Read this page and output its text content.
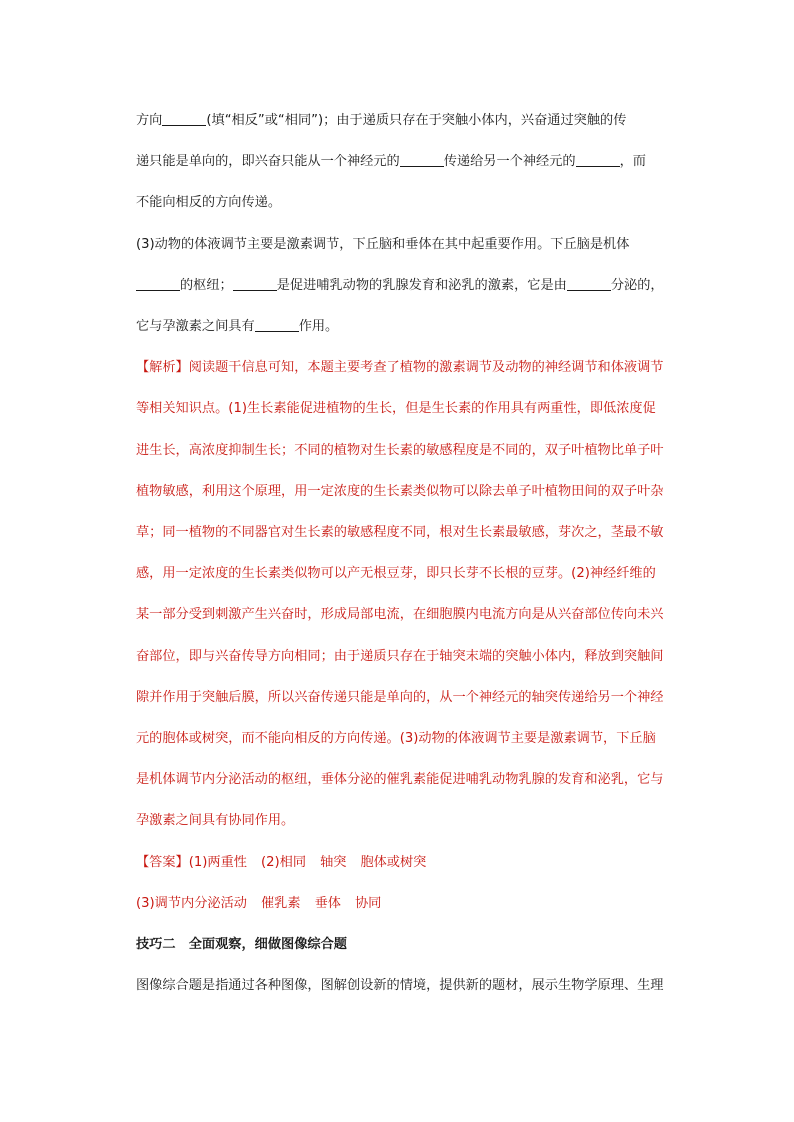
方向	(填“相反”或“相同”)；由于递质只存在于突触小体内，兴奋通过突触的传
递只能是单向的，即兴奋只能从一个神经元的	传递给另一个神经元的	，而
不能向相反的方向传递。
(3)动物的体液调节主要是激素调节，下丘脑和垂体在其中起重要作用。下丘脑是机体
的枢纽；	是促进哺乳动物的乳腺发育和泌乳的激素，它是由	分泌的，
它与孕激素之间具有	作用。
【解析】阅读题干信息可知，本题主要考查了植物的激素调节及动物的神经调节和体液调节
等相关知识点。(1)生长素能促进植物的生长，但是生长素的作用具有两重性，即低浓度促
进生长，高浓度抑制生长；不同的植物对生长素的敏感程度是不同的，双子叶植物比单子叶
植物敏感，利用这个原理，用一定浓度的生长素类似物可以除去单子叶植物田间的双子叶杂
草；同一植物的不同器官对生长素的敏感程度不同，根对生长素最敏感，芽次之，茎最不敏
感，用一定浓度的生长素类似物可以产无根豆芽，即只长芽不长根的豆芽。(2)神经纤维的
某一部分受到刺激产生兴奋时，形成局部电流，在细胞膜内电流方向是从兴奋部位传向未兴
奋部位，即与兴奋传导方向相同；由于递质只存在于轴突末端的突触小体内，释放到突触间
隙并作用于突触后膜，所以兴奋传递只能是单向的，从一个神经元的轴突传递给另一个神经
元的胞体或树突，而不能向相反的方向传递。(3)动物的体液调节主要是激素调节，下丘脑
是机体调节内分泌活动的枢纽，垂体分泌的催乳素能促进哺乳动物乳腺的发育和泌乳，它与
孕激素之间具有协同作用。
【答案】(1)两重性 (2)相同 轴突 胞体或树突
(3)调节内分泌活动 催乳素 垂体 协同
技巧二　全面观察，细做图像综合题
图像综合题是指通过各种图像，图解创设新的情境，提供新的题材，展示生物学原理、生理
